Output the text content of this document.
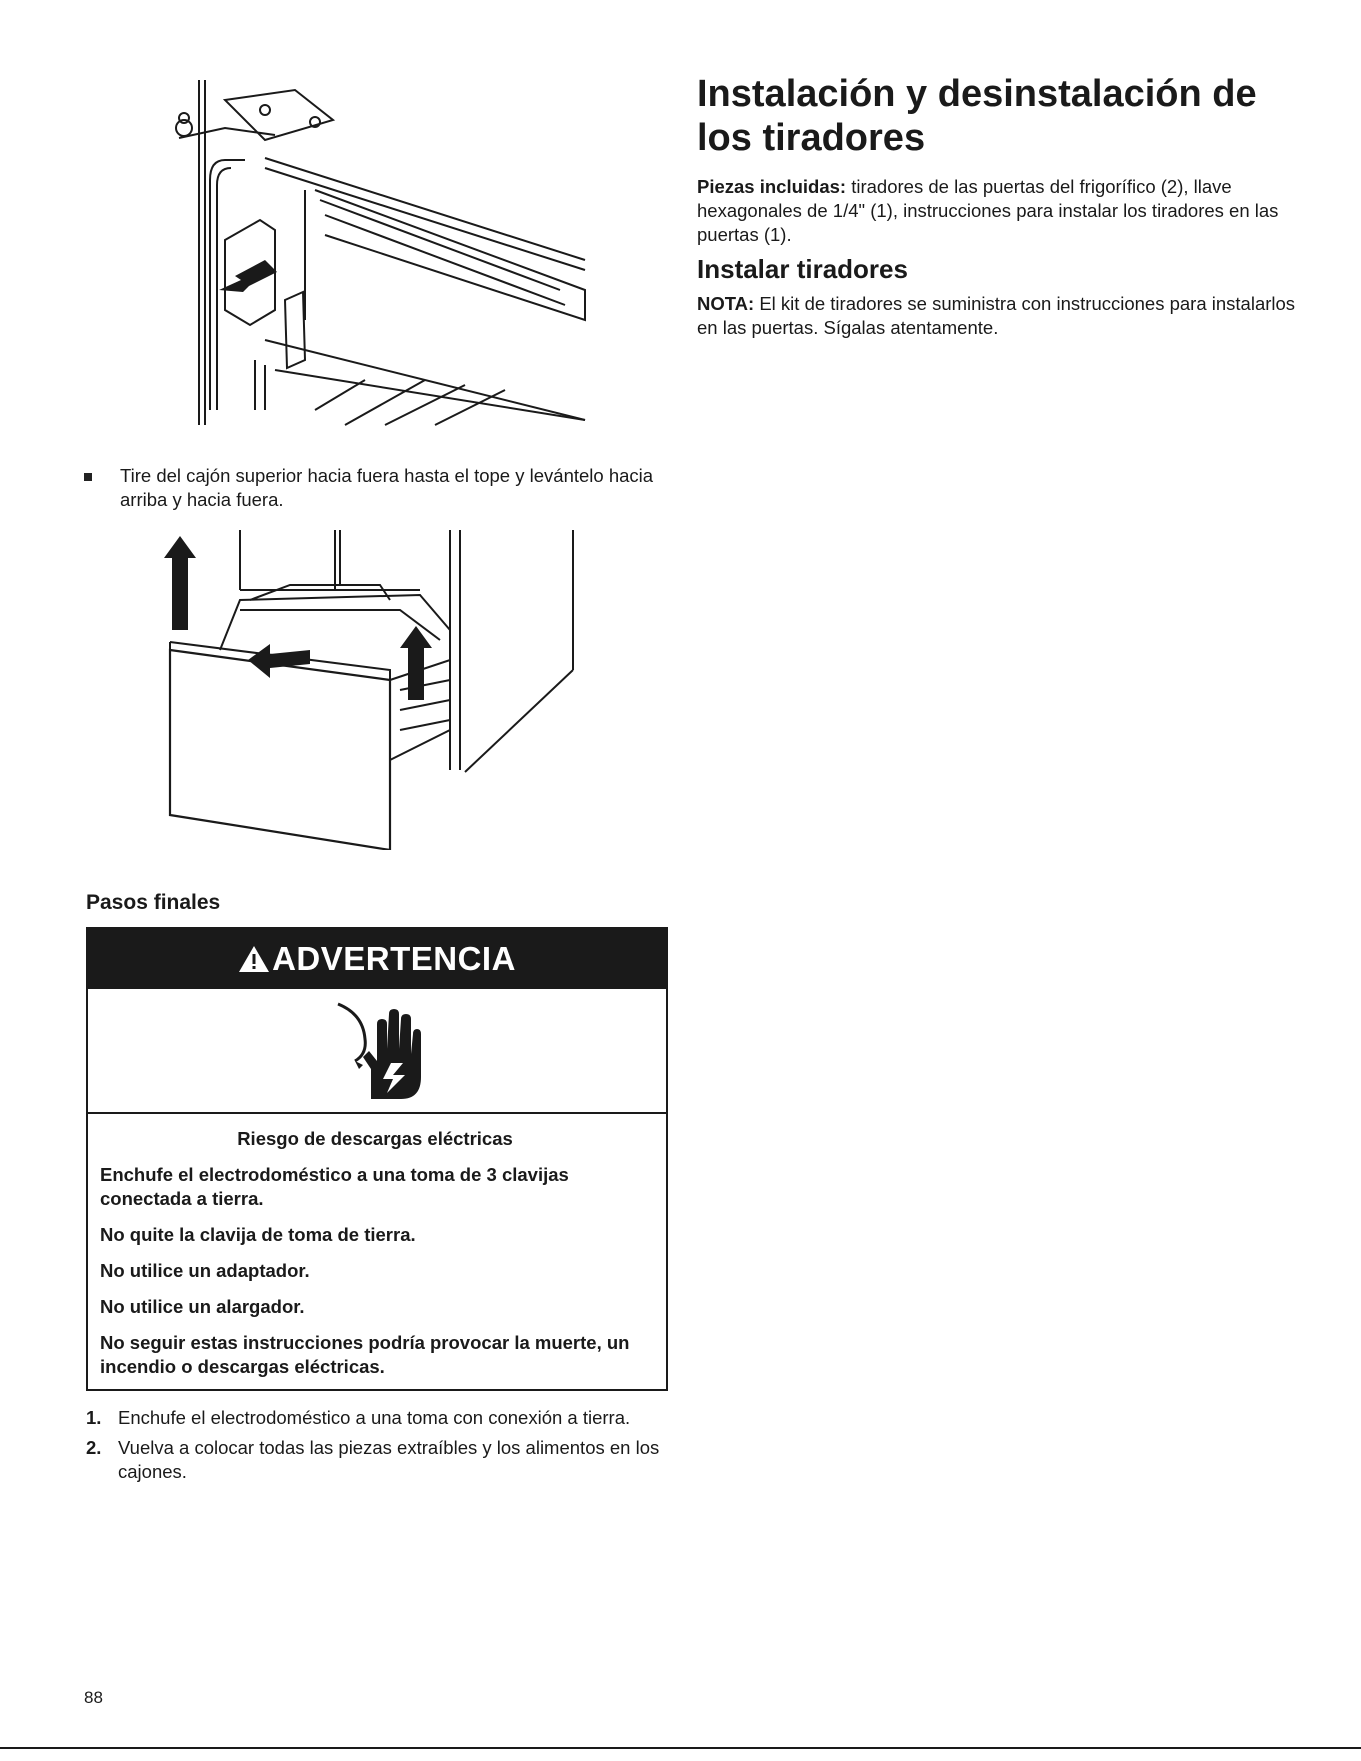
Tire del cajón superior hacia fuera hasta el tope y levántelo hacia arriba y hacia fuera.
Pasos finales
ADVERTENCIA
Riesgo de descargas eléctricas

Enchufe el electrodoméstico a una toma de 3 clavijas conectada a tierra.

No quite la clavija de toma de tierra.

No utilice un adaptador.

No utilice un alargador.

No seguir estas instrucciones podría provocar la muerte, un incendio o descargas eléctricas.

1. Enchufe el electrodoméstico a una toma con conexión a tierra.
2. Vuelva a colocar todas las piezas extraíbles y los alimentos en los cajones.
Instalación y desinstalación de los tiradores
Piezas incluidas: tiradores de las puertas del frigorífico (2), llave hexagonales de 1/4" (1), instrucciones para instalar los tiradores en las puertas (1).
Instalar tiradores
NOTA: El kit de tiradores se suministra con instrucciones para instalarlos en las puertas. Sígalas atentamente.
88
